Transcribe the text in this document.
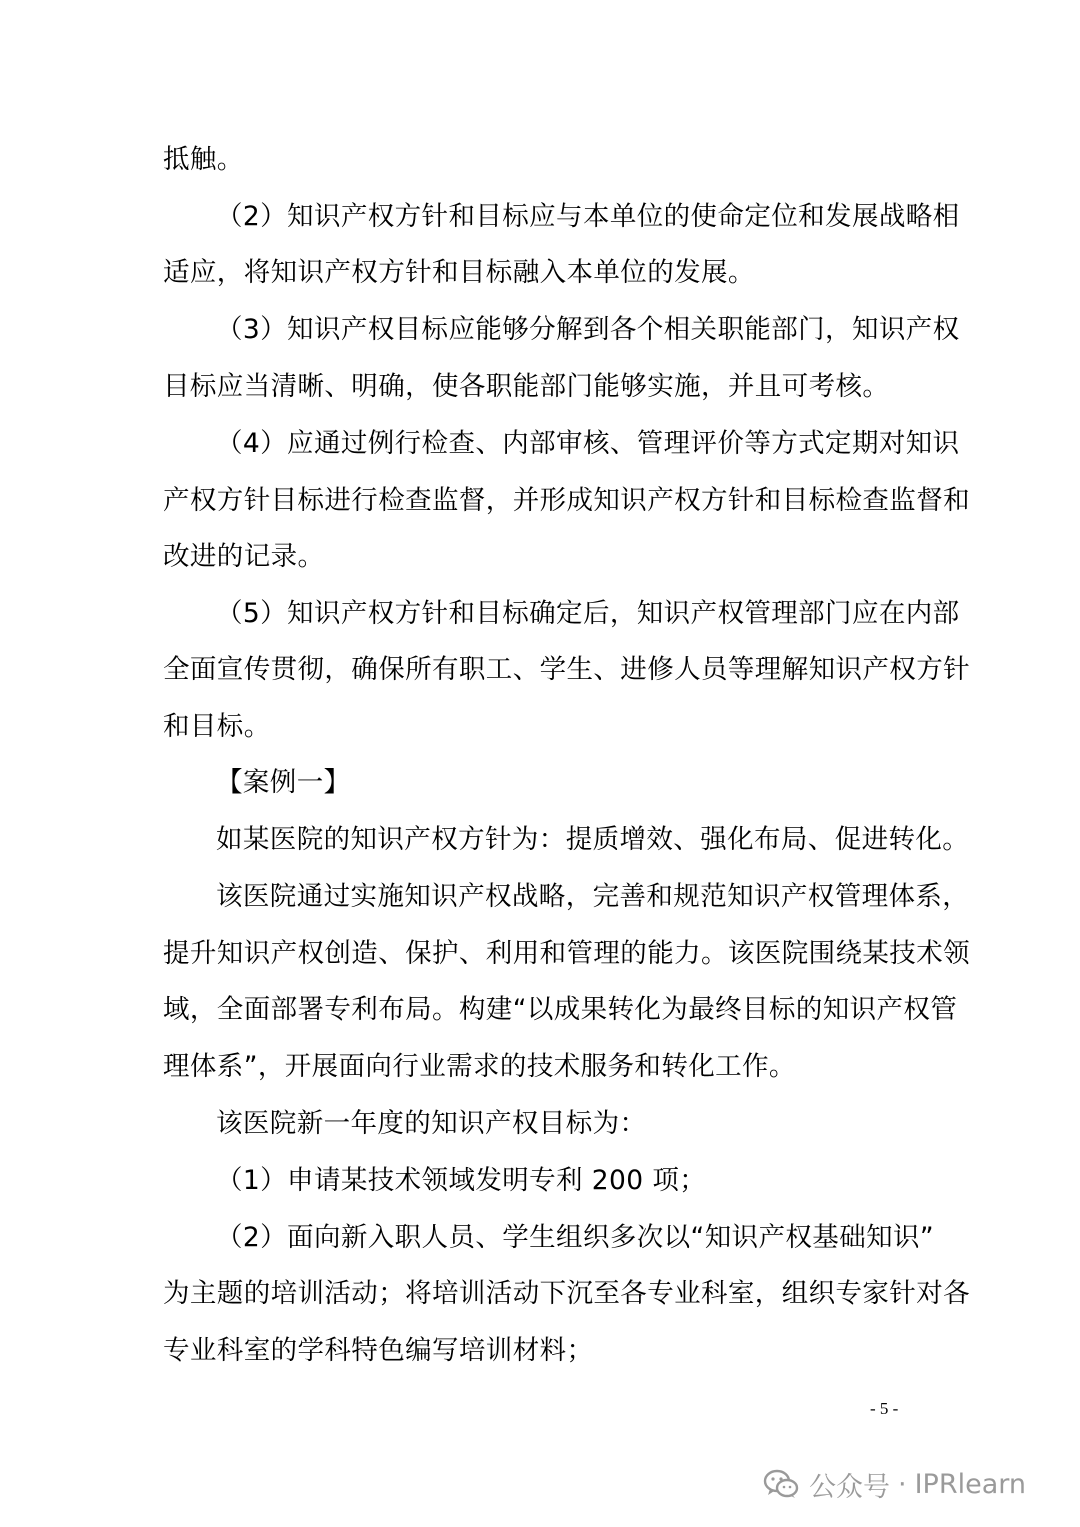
抵触。
（2）知识产权方针和目标应与本单位的使命定位和发展战略相
适应，将知识产权方针和目标融入本单位的发展。
（3）知识产权目标应能够分解到各个相关职能部门，知识产权
目标应当清晰、明确，使各职能部门能够实施，并且可考核。
（4）应通过例行检查、内部审核、管理评价等方式定期对知识
产权方针目标进行检查监督，并形成知识产权方针和目标检查监督和
改进的记录。
（5）知识产权方针和目标确定后，知识产权管理部门应在内部
全面宣传贯彻，确保所有职工、学生、进修人员等理解知识产权方针
和目标。
【案例一】
如某医院的知识产权方针为：提质增效、强化布局、促进转化。
该医院通过实施知识产权战略，完善和规范知识产权管理体系，
提升知识产权创造、保护、利用和管理的能力。该医院围绕某技术领
域，全面部署专利布局。构建“以成果转化为最终目标的知识产权管
理体系”，开展面向行业需求的技术服务和转化工作。
该医院新一年度的知识产权目标为：
（1）申请某技术领域发明专利 200 项；
（2）面向新入职人员、学生组织多次以“知识产权基础知识”
为主题的培训活动；将培训活动下沉至各专业科室，组织专家针对各
专业科室的学科特色编写培训材料；
- 5 -
公众号 · IPRlearn
